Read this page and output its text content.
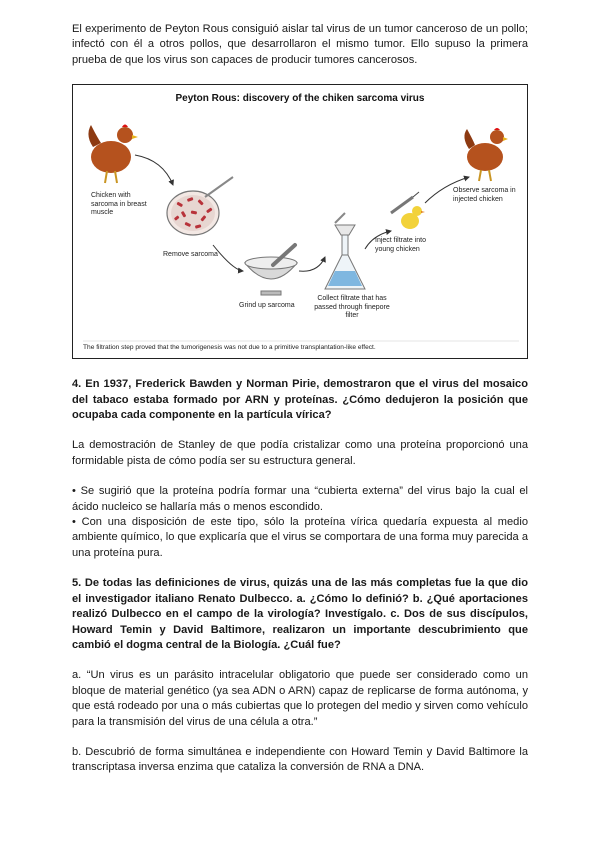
El experimento de Peyton Rous consiguió aislar tal virus de un tumor canceroso de un pollo; infectó con él a otros pollos, que desarrollaron el mismo tumor. Ello supuso la primera prueba de que los virus son capaces de producir tumores cancerosos.

Peyton Rous: discovery of the chiken sarcoma virus
Chicken with sarcoma in breast muscle
Remove sarcoma
Grind up sarcoma
Collect filtrate that has passed through finepore filter
Inject filtrate into young chicken
Observe sarcoma in injected chicken
The filtration step proved that the tumorigenesis was not due to a primitive transplantation-like effect.

4. En 1937, Frederick Bawden y Norman Pirie, demostraron que el virus del mosaico del tabaco estaba formado por ARN y proteínas. ¿Cómo dedujeron la posición que ocupaba cada componente en la partícula vírica?

La demostración de Stanley de que podía cristalizar como una proteína proporcionó una formidable pista de cómo podía ser su estructura general.

• Se sugirió que la proteína podría formar una “cubierta externa” del virus bajo la cual el ácido nucleico se hallaría más o menos escondido.

• Con una disposición de este tipo, sólo la proteína vírica quedaría expuesta al medio ambiente químico, lo que explicaría que el virus se comportara de una forma muy parecida a una proteína pura.

5. De todas las definiciones de virus, quizás una de las más completas fue la que dio el investigador italiano Renato Dulbecco. a. ¿Cómo lo definió? b. ¿Qué aportaciones realizó Dulbecco en el campo de la virología? Investígalo. c. Dos de sus discípulos, Howard Temin y David Baltimore, realizaron un importante descubrimiento que cambió el dogma central de la Biología. ¿Cuál fue?

a. “Un virus es un parásito intracelular obligatorio que puede ser considerado como un bloque de material genético (ya sea ADN o ARN) capaz de replicarse de forma autónoma, y que está rodeado por una o más cubiertas que lo protegen del medio y sirven como vehículo para la transmisión del virus de una célula a otra.”

b. Descubrió de forma simultánea e independiente con Howard Temin y David Baltimore la transcriptasa inversa enzima que cataliza la conversión de RNA a DNA.
